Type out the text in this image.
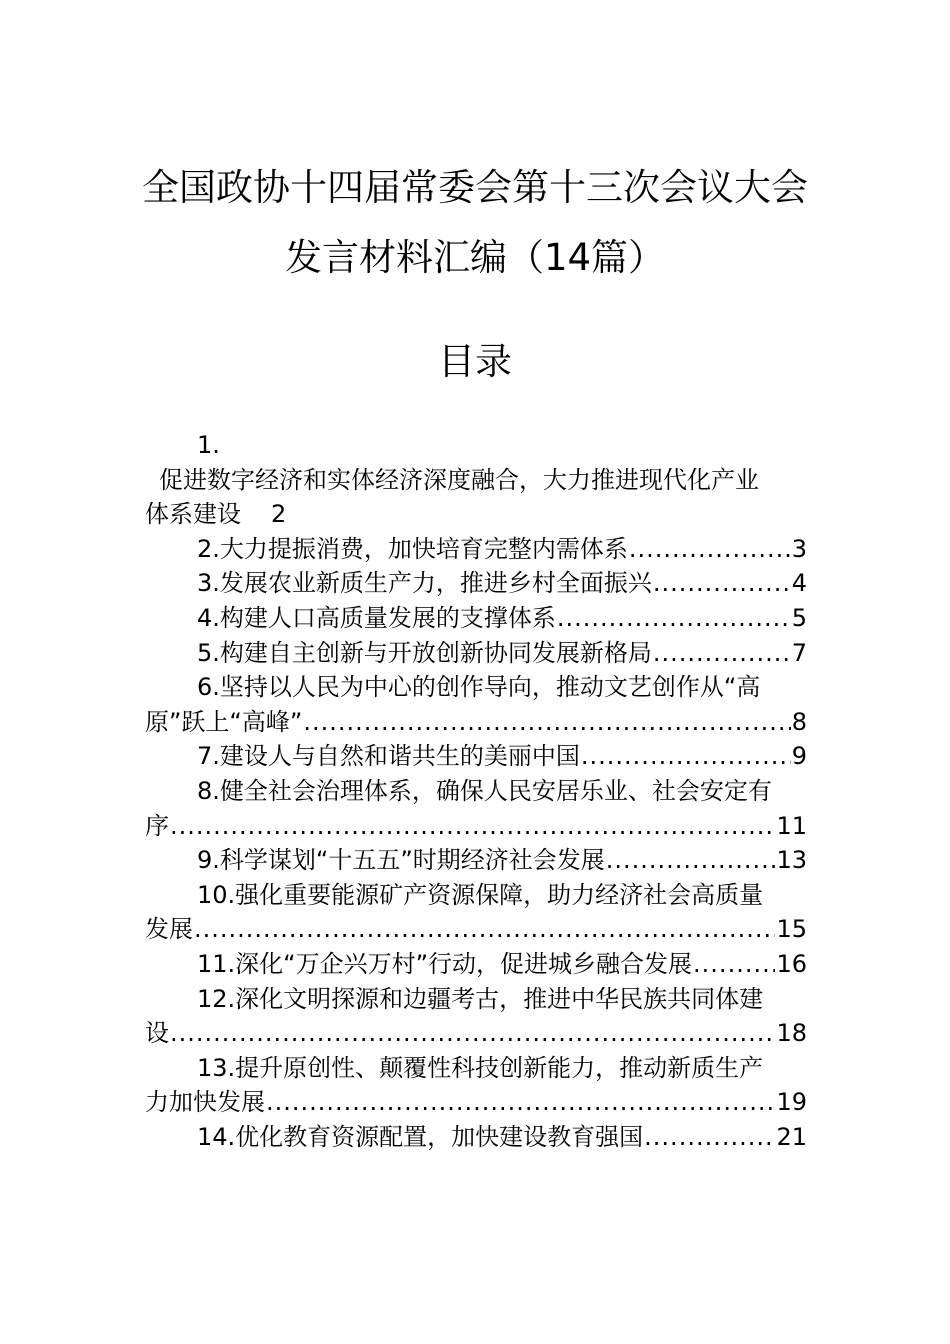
全国政协十四届常委会第十三次会议大会
发言材料汇编（14篇）
目录
1.
促进数字经济和实体经济深度融合，大力推进现代化产业
体系建设 2
2.大力提振消费，加快培育完整内需体系 .....	3
3.发展农业新质生产力，推进乡村全面振兴 .....	4
4.构建人口高质量发展的支撑体系 .....	5
5.构建自主创新与开放创新协同发展新格局 .....	7
6.坚持以人民为中心的创作导向，推动文艺创作从“高
原”跃上“高峰” .....	8
7.建设人与自然和谐共生的美丽中国 .....	9
8.健全社会治理体系，确保人民安居乐业、社会安定有
序 .....	11
9.科学谋划“十五五”时期经济社会发展 .....	13
10.强化重要能源矿产资源保障，助力经济社会高质量
发展 .....	15
11.深化“万企兴万村”行动，促进城乡融合发展 .....	16
12.深化文明探源和边疆考古，推进中华民族共同体建
设 .....	18
13.提升原创性、颠覆性科技创新能力，推动新质生产
力加快发展 .....	19
14.优化教育资源配置，加快建设教育强国 .....	21
